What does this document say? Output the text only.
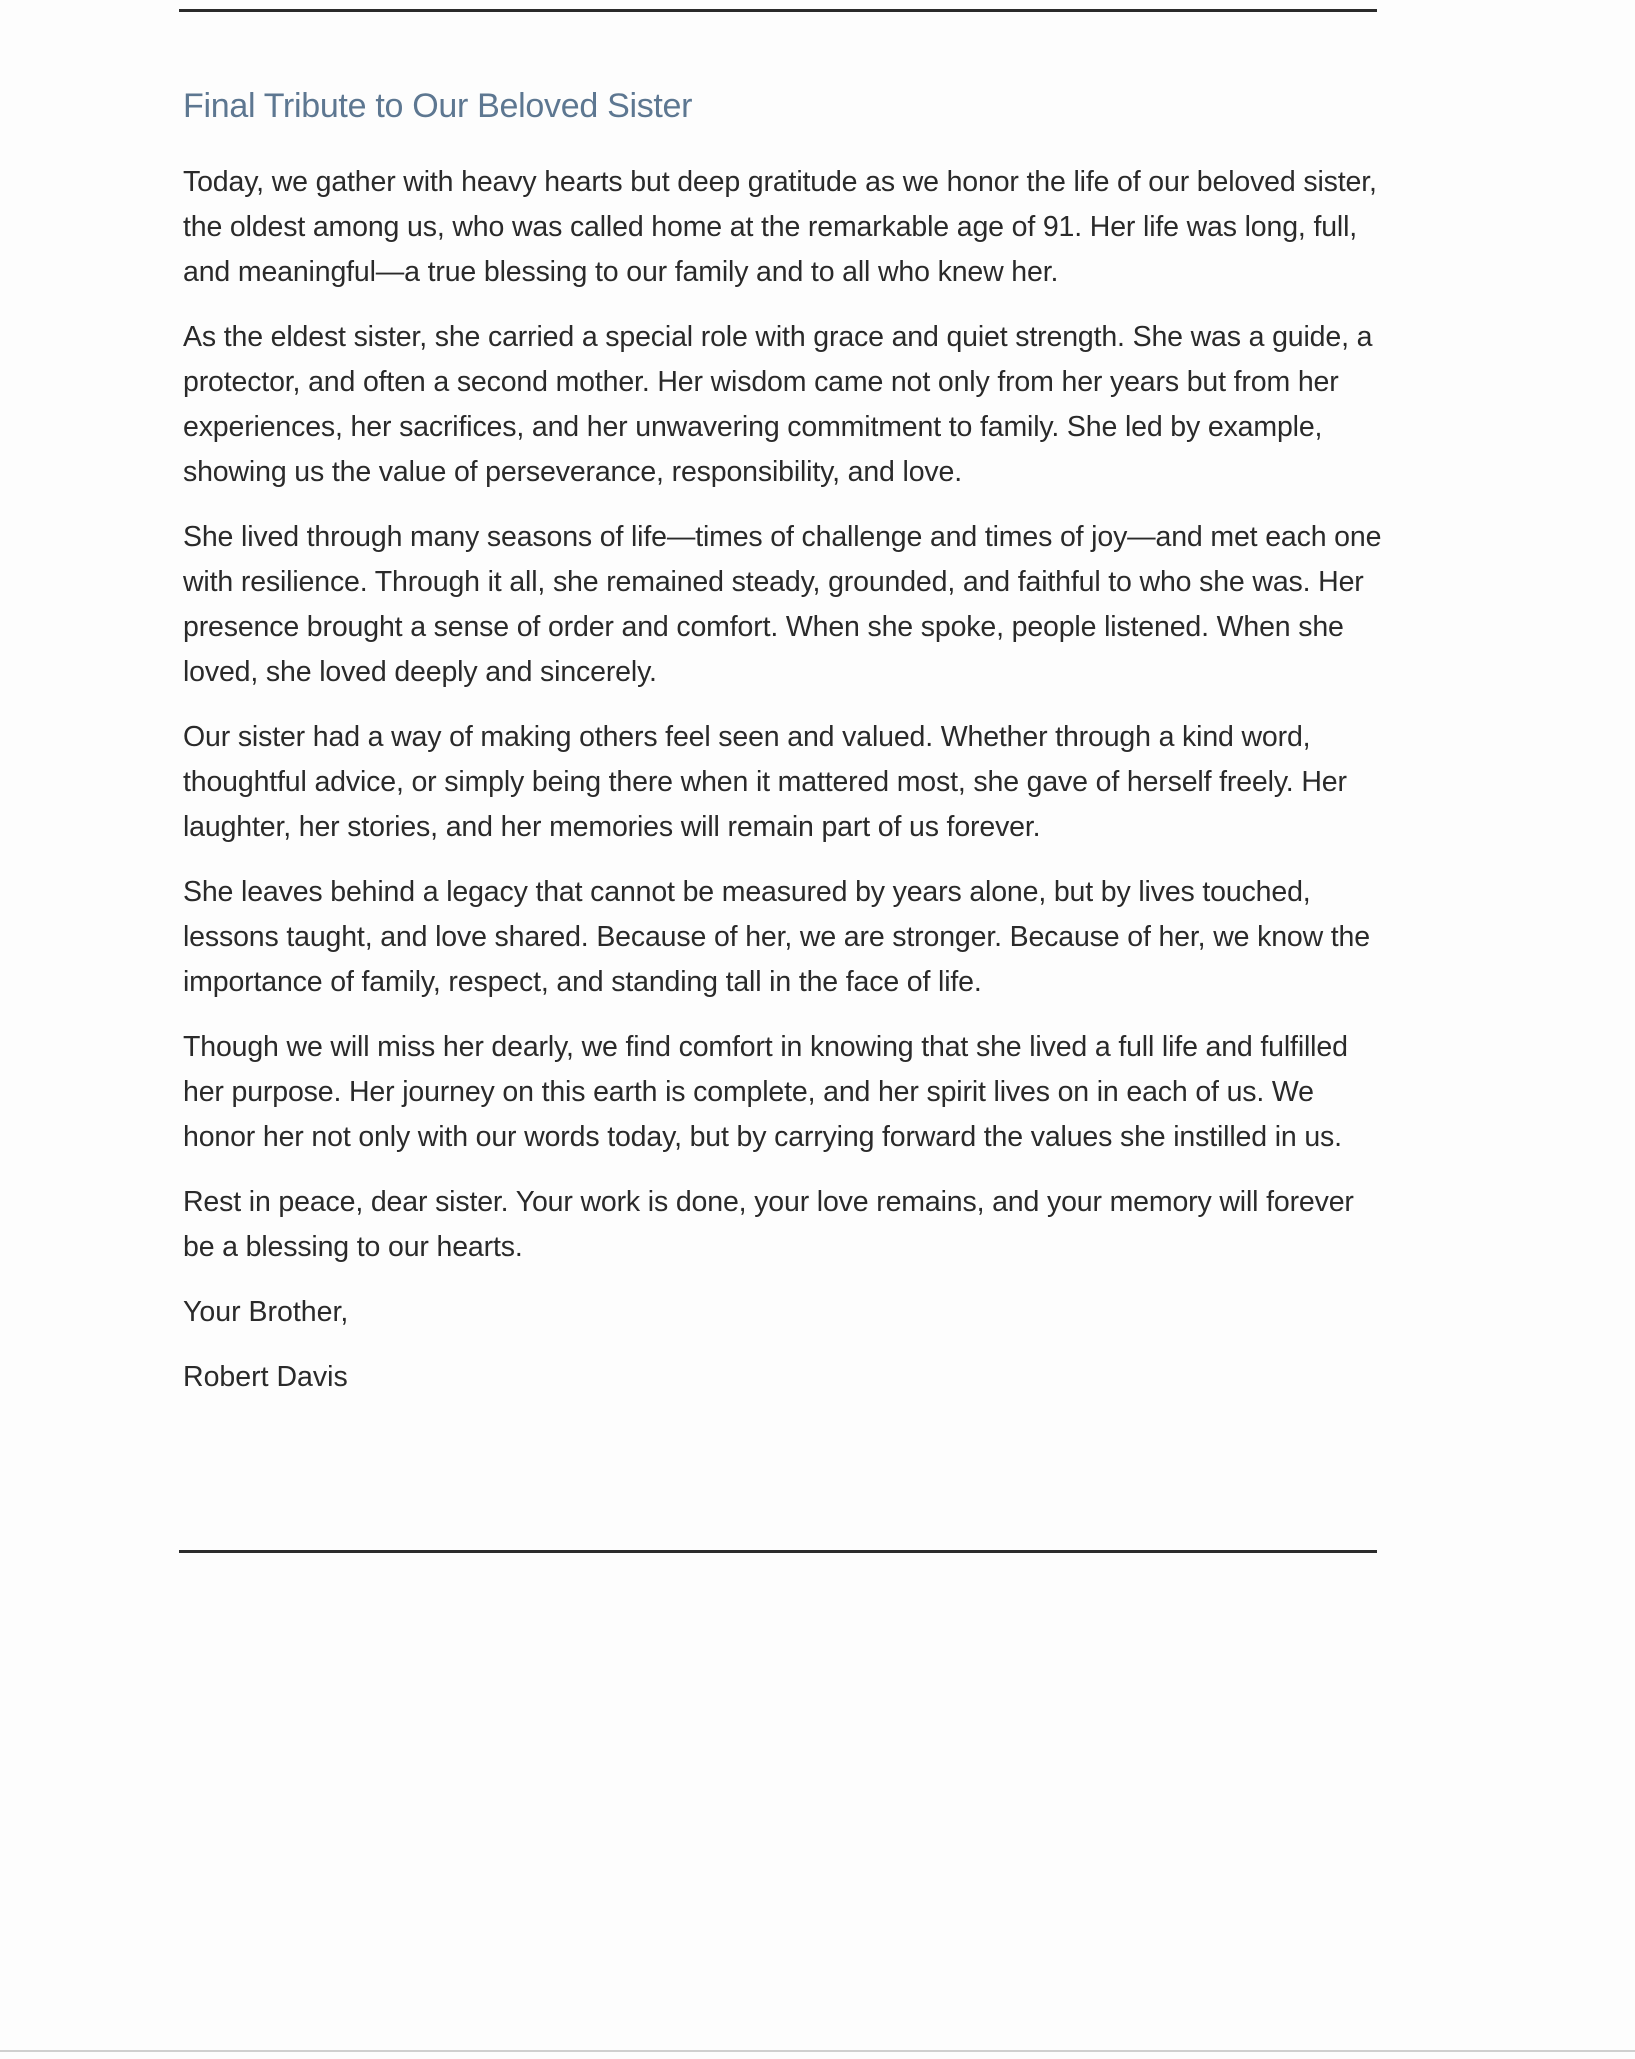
Final Tribute to Our Beloved Sister

Today, we gather with heavy hearts but deep gratitude as we honor the life of our beloved sister, the oldest among us, who was called home at the remarkable age of 91. Her life was long, full, and meaningful—a true blessing to our family and to all who knew her.

As the eldest sister, she carried a special role with grace and quiet strength. She was a guide, a protector, and often a second mother. Her wisdom came not only from her years but from her experiences, her sacrifices, and her unwavering commitment to family. She led by example, showing us the value of perseverance, responsibility, and love.

She lived through many seasons of life—times of challenge and times of joy—and met each one with resilience. Through it all, she remained steady, grounded, and faithful to who she was. Her presence brought a sense of order and comfort. When she spoke, people listened. When she loved, she loved deeply and sincerely.

Our sister had a way of making others feel seen and valued. Whether through a kind word, thoughtful advice, or simply being there when it mattered most, she gave of herself freely. Her laughter, her stories, and her memories will remain part of us forever.

She leaves behind a legacy that cannot be measured by years alone, but by lives touched, lessons taught, and love shared. Because of her, we are stronger. Because of her, we know the importance of family, respect, and standing tall in the face of life.

Though we will miss her dearly, we find comfort in knowing that she lived a full life and fulfilled her purpose. Her journey on this earth is complete, and her spirit lives on in each of us. We honor her not only with our words today, but by carrying forward the values she instilled in us.

Rest in peace, dear sister. Your work is done, your love remains, and your memory will forever be a blessing to our hearts.

Your Brother,

Robert Davis
